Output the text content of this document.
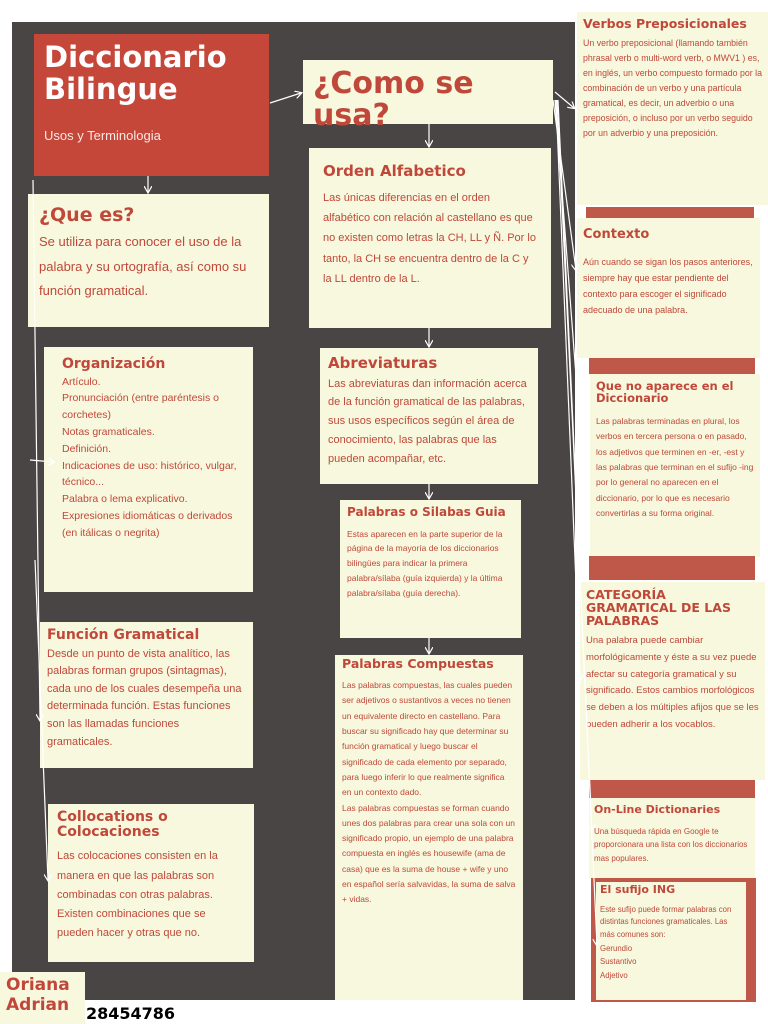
Diccionario Bilingue
Usos y Terminologia
¿Como se usa?
¿Que es?

Se utiliza para conocer el uso de la palabra y su ortografía, así como su función gramatical.

Organización
Artículo.
Pronunciación (entre paréntesis o corchetes)
Notas gramaticales.
Definición.
Indicaciones de uso: histórico, vulgar, técnico...
Palabra o lema explicativo.
Expresiones idiomáticas o derivados (en itálicas o negrita)
Función Gramatical

Desde un punto de vista analítico, las palabras forman grupos (sintagmas), cada uno de los cuales desempeña una determinada función. Estas funciones son las llamadas funciones gramaticales.

Collocations o Colocaciones

Las colocaciones consisten en la manera en que las palabras son combinadas con otras palabras. Existen combinaciones que se pueden hacer y otras que no.

Orden Alfabetico

Las únicas diferencias en el orden alfabético con relación al castellano es que no existen como letras la CH, LL y Ñ. Por lo tanto, la CH se encuentra dentro de la C y la LL dentro de la L.

Abreviaturas

Las abreviaturas dan información acerca de la función gramatical de las palabras, sus usos específicos según el área de conocimiento, las palabras que las pueden acompañar, etc.

Palabras o Silabas Guia

Estas aparecen en la parte superior de la página de la mayoría de los diccionarios bilingües para indicar la primera palabra/sílaba (guía izquierda) y la última palabra/sílaba (guía derecha).

Palabras Compuestas

Las palabras compuestas, las cuales pueden ser adjetivos o sustantivos a veces no tienen un equivalente directo en castellano. Para buscar su significado hay que determinar su función gramatical y luego buscar el significado de cada elemento por separado, para luego inferir lo que realmente significa en un contexto dado.

Las palabras compuestas se forman cuando unes dos palabras para crear una sola con un significado propio, un ejemplo de una palabra compuesta en inglés es housewife (ama de casa) que es la suma de house + wife y uno en español sería salvavidas, la suma de salva + vidas.

Verbos Preposicionales

Un verbo preposicional (llamando también phrasal verb o multi-word verb, o MWV1 ) es, en inglés, un verbo compuesto formado por la combinación de un verbo y una partícula gramatical, es decir, un adverbio o una preposición, o incluso por un verbo seguido por un adverbio y una preposición.

Contexto

Aún cuando se sigan los pasos anteriores, siempre hay que estar pendiente del contexto para escoger el significado adecuado de una palabra.

Que no aparece en el Diccionario

Las palabras terminadas en plural, los verbos en tercera persona o en pasado, los adjetivos que terminen en -er, -est y las palabras que terminan en el sufijo -ing por lo general no aparecen en el diccionario, por lo que es necesario convertirlas a su forma original.

CATEGORÍA GRAMATICAL DE LAS PALABRAS

Una palabra puede cambiar morfológicamente y éste a su vez puede afectar su categoría gramatical y su significado. Estos cambios morfológicos se deben a los múltiples afijos que se les pueden adherir a los vocablos.

On-Line Dictionaries

Una búsqueda rápida en Google te proporcionara una lista con los diccionarios mas populares.

El sufijo ING

Este sufijo puede formar palabras con distintas funciones gramaticales. Las más comunes son:

Gerundio
Sustantivo
Adjetivo
Oriana
Adrian	28454786
